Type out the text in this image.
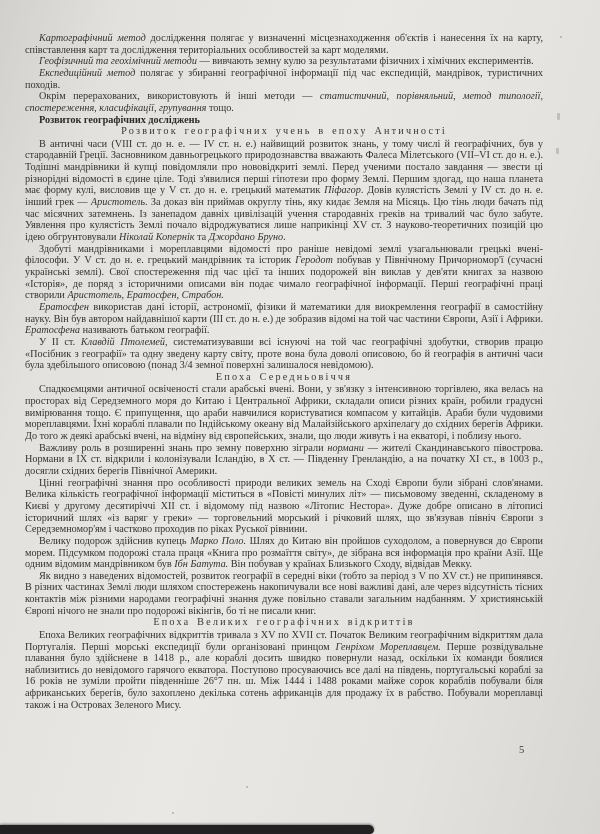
Картографічний метод дослідження полягає у визначенні місцезнаходження об'єктів і нанесення їх на карту, співставлення карт та дослідження територіальних особливостей за карт моделями.

Геофізичний та геохімічний методи — вивчають земну кулю за результатами фізичних і хімічних експериментів.

Експедиційний метод полягає у збиранні географічної інформації під час експедицій, мандрівок, туристичних походів.

Окрім перерахованих, використовують й інші методи — статистичний, порівняльний, метод типології, спостереження, класифікації, групування тощо.

Розвиток географічних досліджень
Розвиток географічних учень в епоху Античності

В античні часи (VIII ст. до н. е. — IV ст. н. е.) найвищий розвиток знань, у тому числі й географічних, був у стародавній Греції. Засновником давньогрецького природознавства вважають Фалеса Мілетського (VII–VI ст. до н. е.). Тодішні мандрівники й купці повідомляли про нововідкриті землі. Перед ученими постало завдання — звести ці різнорідні відомості в єдине ціле. Тоді з'явилися перші гіпотези про форму Землі. Першим здогад, що наша планета має форму кулі, висловив ще у V ст. до н. е. грецький математик Піфагор. Довів кулястість Землі у IV ст. до н. е. інший грек — Аристотель. За доказ він приймав округлу тінь, яку кидає Земля на Місяць. Цю тінь люди бачать під час місячних затемнень. Із занепадом давніх цивілізацій учення стародавніх греків на тривалий час було забуте. Уявлення про кулястість Землі почало відроджуватися лише наприкінці XV ст. З науково-теоретичних позицій цю ідею обгрунтовували Ніколай Копернік та Джордано Бруно.

Здобуті мандрівниками і мореплавцями відомості про раніше невідомі землі узагальнювали грецькі вчені-філософи. У V ст. до н. е. грецький мандрівник та історик Геродот побував у Північному Причорномор'ї (сучасні українські землі). Свої спостереження під час цієї та інших подорожей він виклав у дев'яти книгах за назвою «Історія», де поряд з історичними описами він подає чимало географічної інформації. Перші географічні праці створили Аристотель, Ератосфен, Страбон.

Ератосфен використав дані історії, астрономії, фізики й математики для виокремлення географії в самостійну науку. Він був автором найдавнішої карти (III ст. до н. е.) де зобразив відомі на той час частини Європи, Азії і Африки. Ератосфена називають батьком географії.

У II ст. Клавдій Птолемей, систематизувавши всі існуючі на той час географічні здобутки, створив працю «Посібник з географії» та одну зведену карту світу, проте вона була доволі описовою, бо й географія в античні часи була здебільшого описовою (понад 3/4 земної поверхні залишалося невідомою).

Епоха Середньовіччя

Спадкоємцями античної освіченості стали арабські вчені. Вони, у зв'язку з інтенсивною торгівлею, яка велась на просторах від Середземного моря до Китаю і Центральної Африки, складали описи різних країн, робили градусні вимірювання тощо. Є припущення, що араби навчилися користуватися компасом у китайців. Араби були чудовими мореплавцями. Їхні кораблі плавали по Індійському океану від Малайзійського архіпелагу до східних берегів Африки. До того ж деякі арабські вчені, на відміну від європейських, знали, що люди живуть і на екваторі, і поблизу нього.

Важливу роль в розширенні знань про земну поверхню зіграли нормани — жителі Скандинавського півострова. Нормани в IX ст. відкрили і колонізували Ісландію, в X ст. — Південну Гренландію, а на початку XI ст., в 1003 р., досягли східних берегів Північної Америки.

Цінні географічні знання про особливості природи великих земель на Сході Європи були зібрані слов'янами. Велика кількість географічної інформації міститься в «Повісті минулих літ» — письмовому зведенні, складеному в Києві у другому десятиріччі XII ст. і відомому під назвою «Літопис Нестора». Дуже добре описано в літописі історичний шлях «із варяг у греки» — торговельний морський і річковий шлях, що зв'язував північ Європи з Середземномор'ям і частково проходив по ріках Руської рівнини.

Велику подорож здійснив купець Марко Поло. Шлях до Китаю він пройшов суходолом, а повернувся до Європи морем. Підсумком подорожі стала праця «Книга про розмаїття світу», де зібрана вся інформація про країни Азії. Ще одним відомим мандрівником був Ібн Батута. Він побував у країнах Близького Сходу, відвідав Мекку.

Як видно з наведених відомостей, розвиток географії в середні віки (тобто за період з V по XV ст.) не припинявся. В різних частинах Землі люди шляхом спостережень накопичували все нові важливі дані, але через відсутність тісних контактів між різними народами географічні знання дуже повільно ставали загальним надбанням. У християнській Європі нічого не знали про подорожі вікінгів, бо ті не писали книг.

Епоха Великих географічних відкриттів

Епоха Великих географічних відкриттів тривала з XV по XVII ст. Початок Великим географічним відкриттям дала Португалія. Перші морські експедиції були організовані принцом Генріхом Мореплавцем. Перше розвідувальне плавання було здійснене в 1418 р., але кораблі досить швидко повернули назад, оскільки їх команди боялися наблизитись до невідомого гарячого екватора. Поступово просуваючись все далі на південь, португальські кораблі за 16 років не зуміли пройти південніше 26°7 пн. ш. Між 1444 і 1488 роками майже сорок кораблів побували біля африканських берегів, було захоплено декілька сотень африканців для продажу їх в рабство. Побували мореплавці також і на Островах Зеленого Мису.

5
